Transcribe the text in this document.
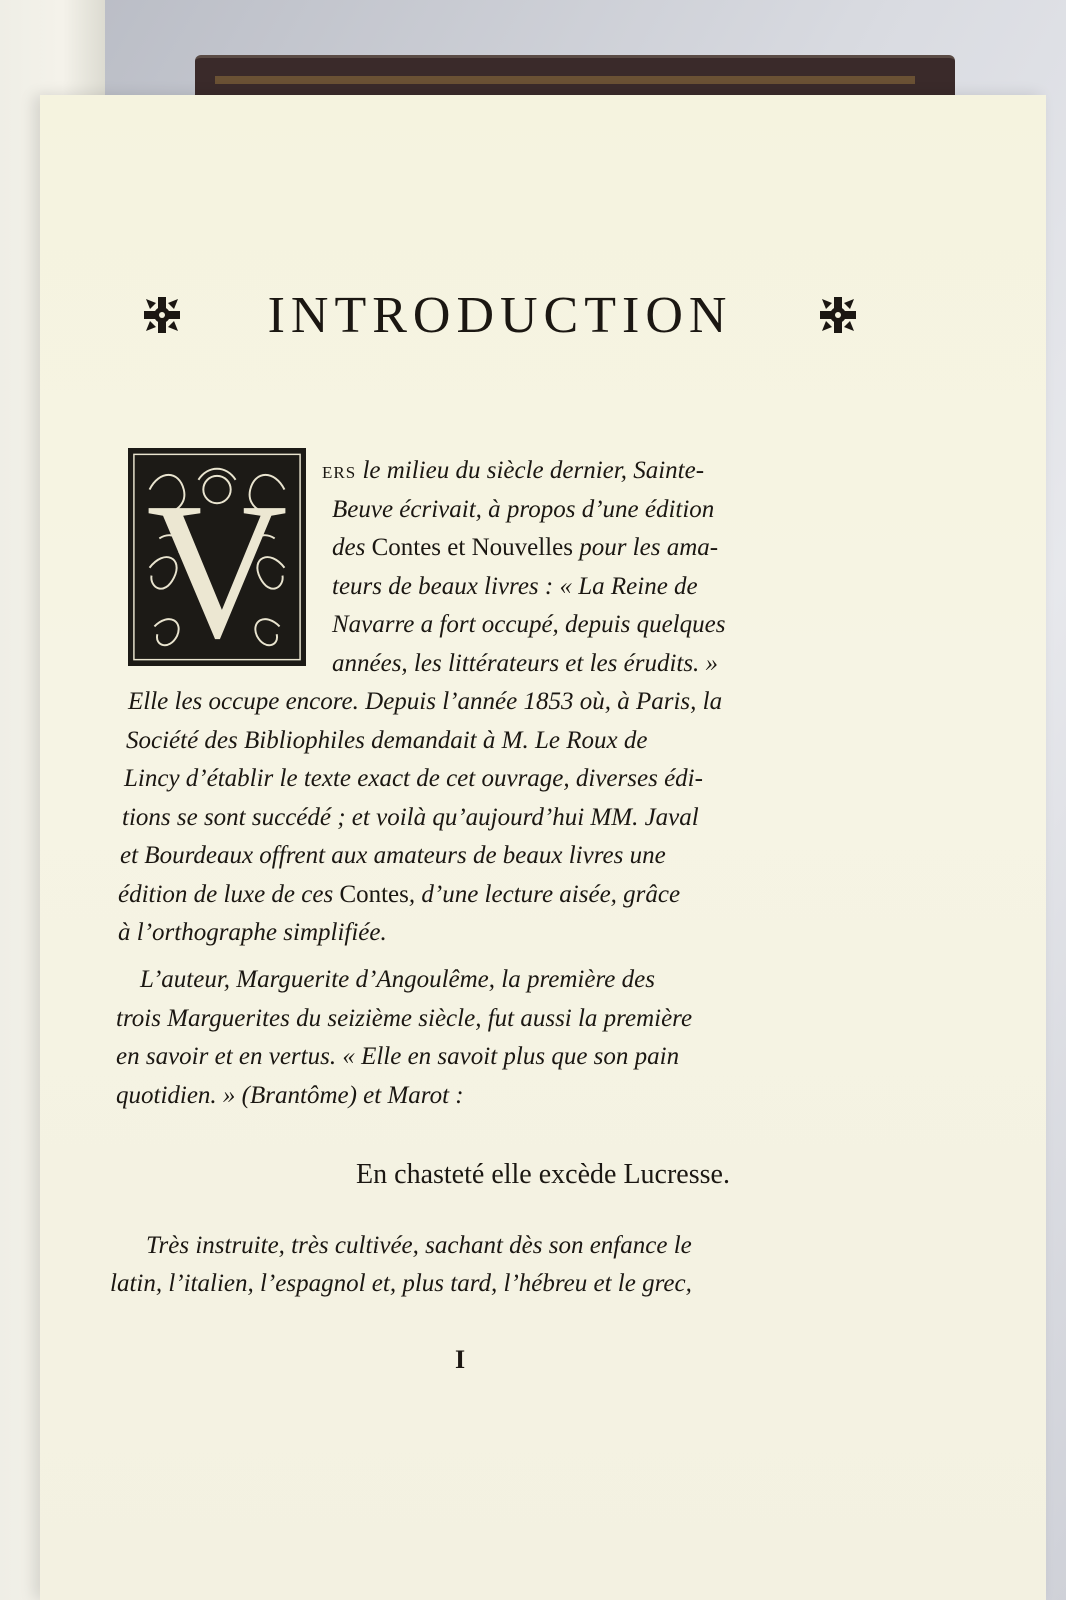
INTRODUCTION
V ERS le milieu du siècle dernier, Sainte-
Beuve écrivait, à propos d’une édition
des Contes et Nouvelles pour les ama-
teurs de beaux livres : « La Reine de
Navarre a fort occupé, depuis quelques
années, les littérateurs et les érudits. »
Elle les occupe encore. Depuis l’année 1853 où, à Paris, la
Société des Bibliophiles demandait à M. Le Roux de
Lincy d’établir le texte exact de cet ouvrage, diverses édi-
tions se sont succédé ; et voilà qu’aujourd’hui MM. Javal
et Bourdeaux offrent aux amateurs de beaux livres une
édition de luxe de ces Contes, d’une lecture aisée, grâce
à l’orthographe simplifiée.
L’auteur, Marguerite d’Angoulême, la première des
trois Marguerites du seizième siècle, fut aussi la première
en savoir et en vertus. « Elle en savoit plus que son pain
quotidien. » (Brantôme) et Marot :
En chasteté elle excède Lucresse.
Très instruite, très cultivée, sachant dès son enfance le
latin, l’italien, l’espagnol et, plus tard, l’hébreu et le grec,
I
